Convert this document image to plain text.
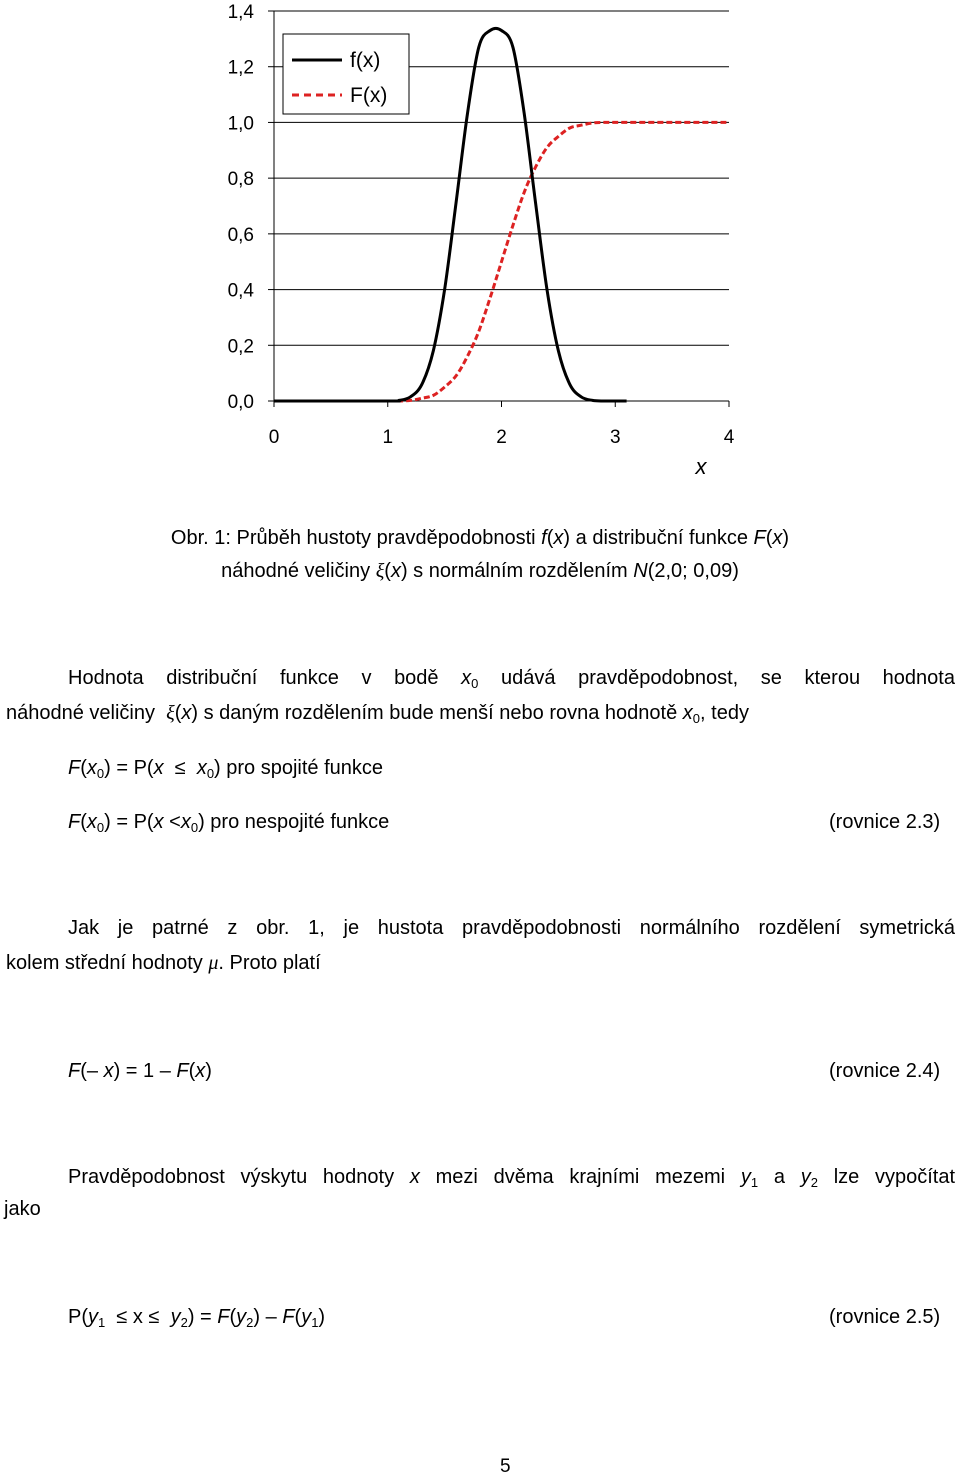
0,0
0,2
0,4
0,6
0,8
1,0
1,2
1,4
0	1	2	3	4
x
f(x)
F(x)
Obr. 1: Průběh hustoty pravděpodobnosti f(x) a distribuční funkce F(x)
náhodné veličiny ξ(x) s normálním rozdělením N(2,0; 0,09)
Hodnota distribuční funkce v bodě $x_0$ udává pravděpodobnost, se kterou hodnota
náhodné veličiny ξ(x) s daným rozdělením bude menší nebo rovna hodnotě $x_0$, tedy
$F(x_0) = P(x \le x_0)$ pro spojité funkce
$F(x_0) = P(x <x_0)$ pro nespojité funkce	(rovnice 2.3)
Jak je patrné z obr. 1, je hustota pravděpodobnosti normálního rozdělení symetrická
kolem střední hodnoty μ. Proto platí
F(– x) = 1 – F(x)	(rovnice 2.4)
Pravděpodobnost výskytu hodnoty x mezi dvěma krajními mezemi $y_1$ a $y_2$ lze vypočítat
jako
$P(y_1 \le x \le y_2) = F(y_2) - F(y_1)$	(rovnice 2.5)
5
